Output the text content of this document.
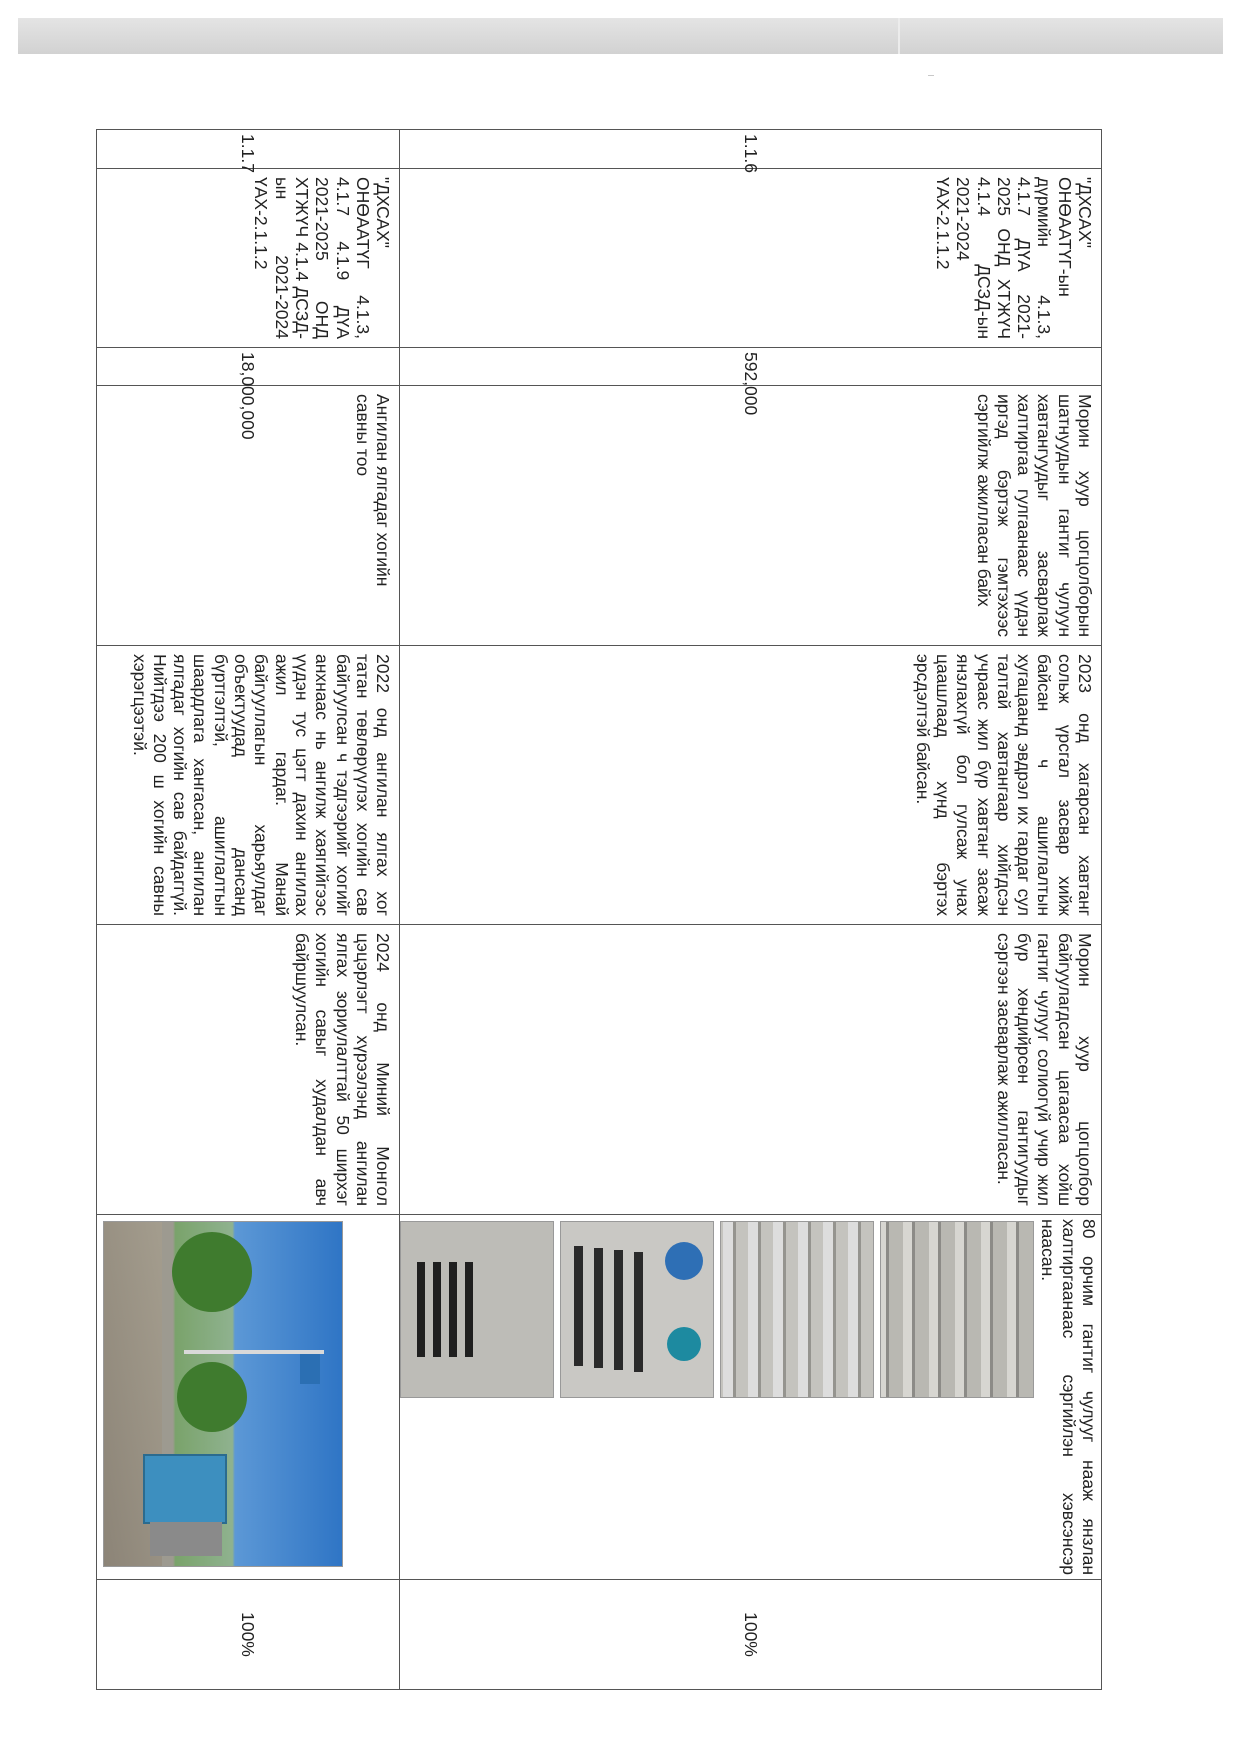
1.1.6	"ДХСАХ" ОНӨААТҮГ-ын дүрмийн 4.1.3, 4.1.7 ДҮА 2021-2025 ОНД ХТЖҮЧ 4.1.4 ДСЗД-ын 2021-2024 ҮАХ-2.1.1.2	592,000	Морин хуур цогцолборын шатнуудын гантиг чулуун хавтангуудыг засварлаж халтиргаа гулгаанаас үүдэн иргэд бэртэж гэмтэхээс сэргийлж ажилласан байх	2023 онд хагарсан хавтанг сольж үрсгал засвар хийж байсан ч ашиглалтын хугацаанд эвдрэл их гардаг сул талтай хавтангаар хийгдсэн учраас жил бүр хавтанг засаж янзлахгүй бол гулсаж унах цаашлаад хүнд бэртэх эрсдэлтэй байсан.	Морин хуур цогцолбор байгуулагдсан цагаасаа хойш гантиг чулууг солиогүй учир жил бүр хөндийрсөн гантигуудыг сэргээн засварлаж ажилласан.	80 орчим гантиг чулууг нааж янзлан халтиргаанаас сэргийлэн хэвсэнсэр наасан.	100%
1.1.7	"ДХСАХ" ОНӨААТҮГ 4.1.3, 4.1.7 4.1.9 ДҮА 2021-2025 ОНД ХТЖҮЧ 4.1.4 ДСЗД-ын 2021-2024 ҮАХ-2.1.1.2	18,000,000	Ангилан ялгадаг хогийн савны тоо	2022 онд ангилан ялгах хог татан төвлөрүүлэх хогийн сав байгуулсан ч тэдгээрийг хогийг анхнаас нь ангилж хаягийгээс үүдэн тус цэгт дахин ангилах ажил гардаг. Манай байгууллагын харьяулдаг объектуудад дансанд бүртгэлтэй, ашиглалтын шаардлага хангасан, ангилан ялгадаг хогийн сав байдаггүй. Нийтдээ 200 ш хогийн савны хэрэгцээтэй.	2024 онд Миний Монгол цэцэрлэгт хүрээлэнд ангилан ялгах зориулалттай 50 ширхэг хогийн савыг худалдан авч байршуулсан.		100%
